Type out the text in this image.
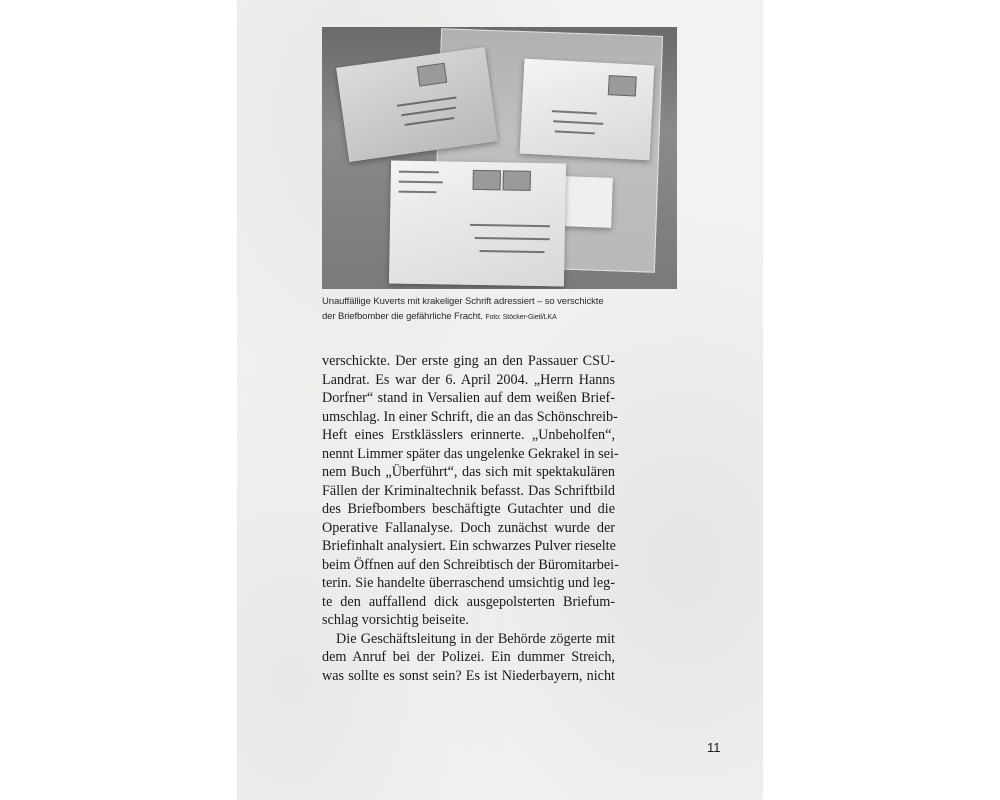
Unauffällige Kuverts mit krakeliger Schrift adressiert – so verschickte
der Briefbomber die gefährliche Fracht. Foto: Stöcker-Gietl/LKA
verschickte. Der erste ging an den Passauer CSU-
Landrat. Es war der 6. April 2004. „Herrn Hanns
Dorfner“ stand in Versalien auf dem weißen Brief-
umschlag. In einer Schrift, die an das Schönschreib-
Heft eines Erstklässlers erinnerte. „Unbeholfen“,
nennt Limmer später das ungelenke Gekrakel in sei-
nem Buch „Überführt“, das sich mit spektakulären
Fällen der Kriminaltechnik befasst. Das Schriftbild
des Briefbombers beschäftigte Gutachter und die
Operative Fallanalyse. Doch zunächst wurde der
Briefinhalt analysiert. Ein schwarzes Pulver rieselte
beim Öffnen auf den Schreibtisch der Büromitarbei-
terin. Sie handelte überraschend umsichtig und leg-
te den auffallend dick ausgepolsterten Briefum-
schlag vorsichtig beiseite.
Die Geschäftsleitung in der Behörde zögerte mit
dem Anruf bei der Polizei. Ein dummer Streich,
was sollte es sonst sein? Es ist Niederbayern, nicht
11
